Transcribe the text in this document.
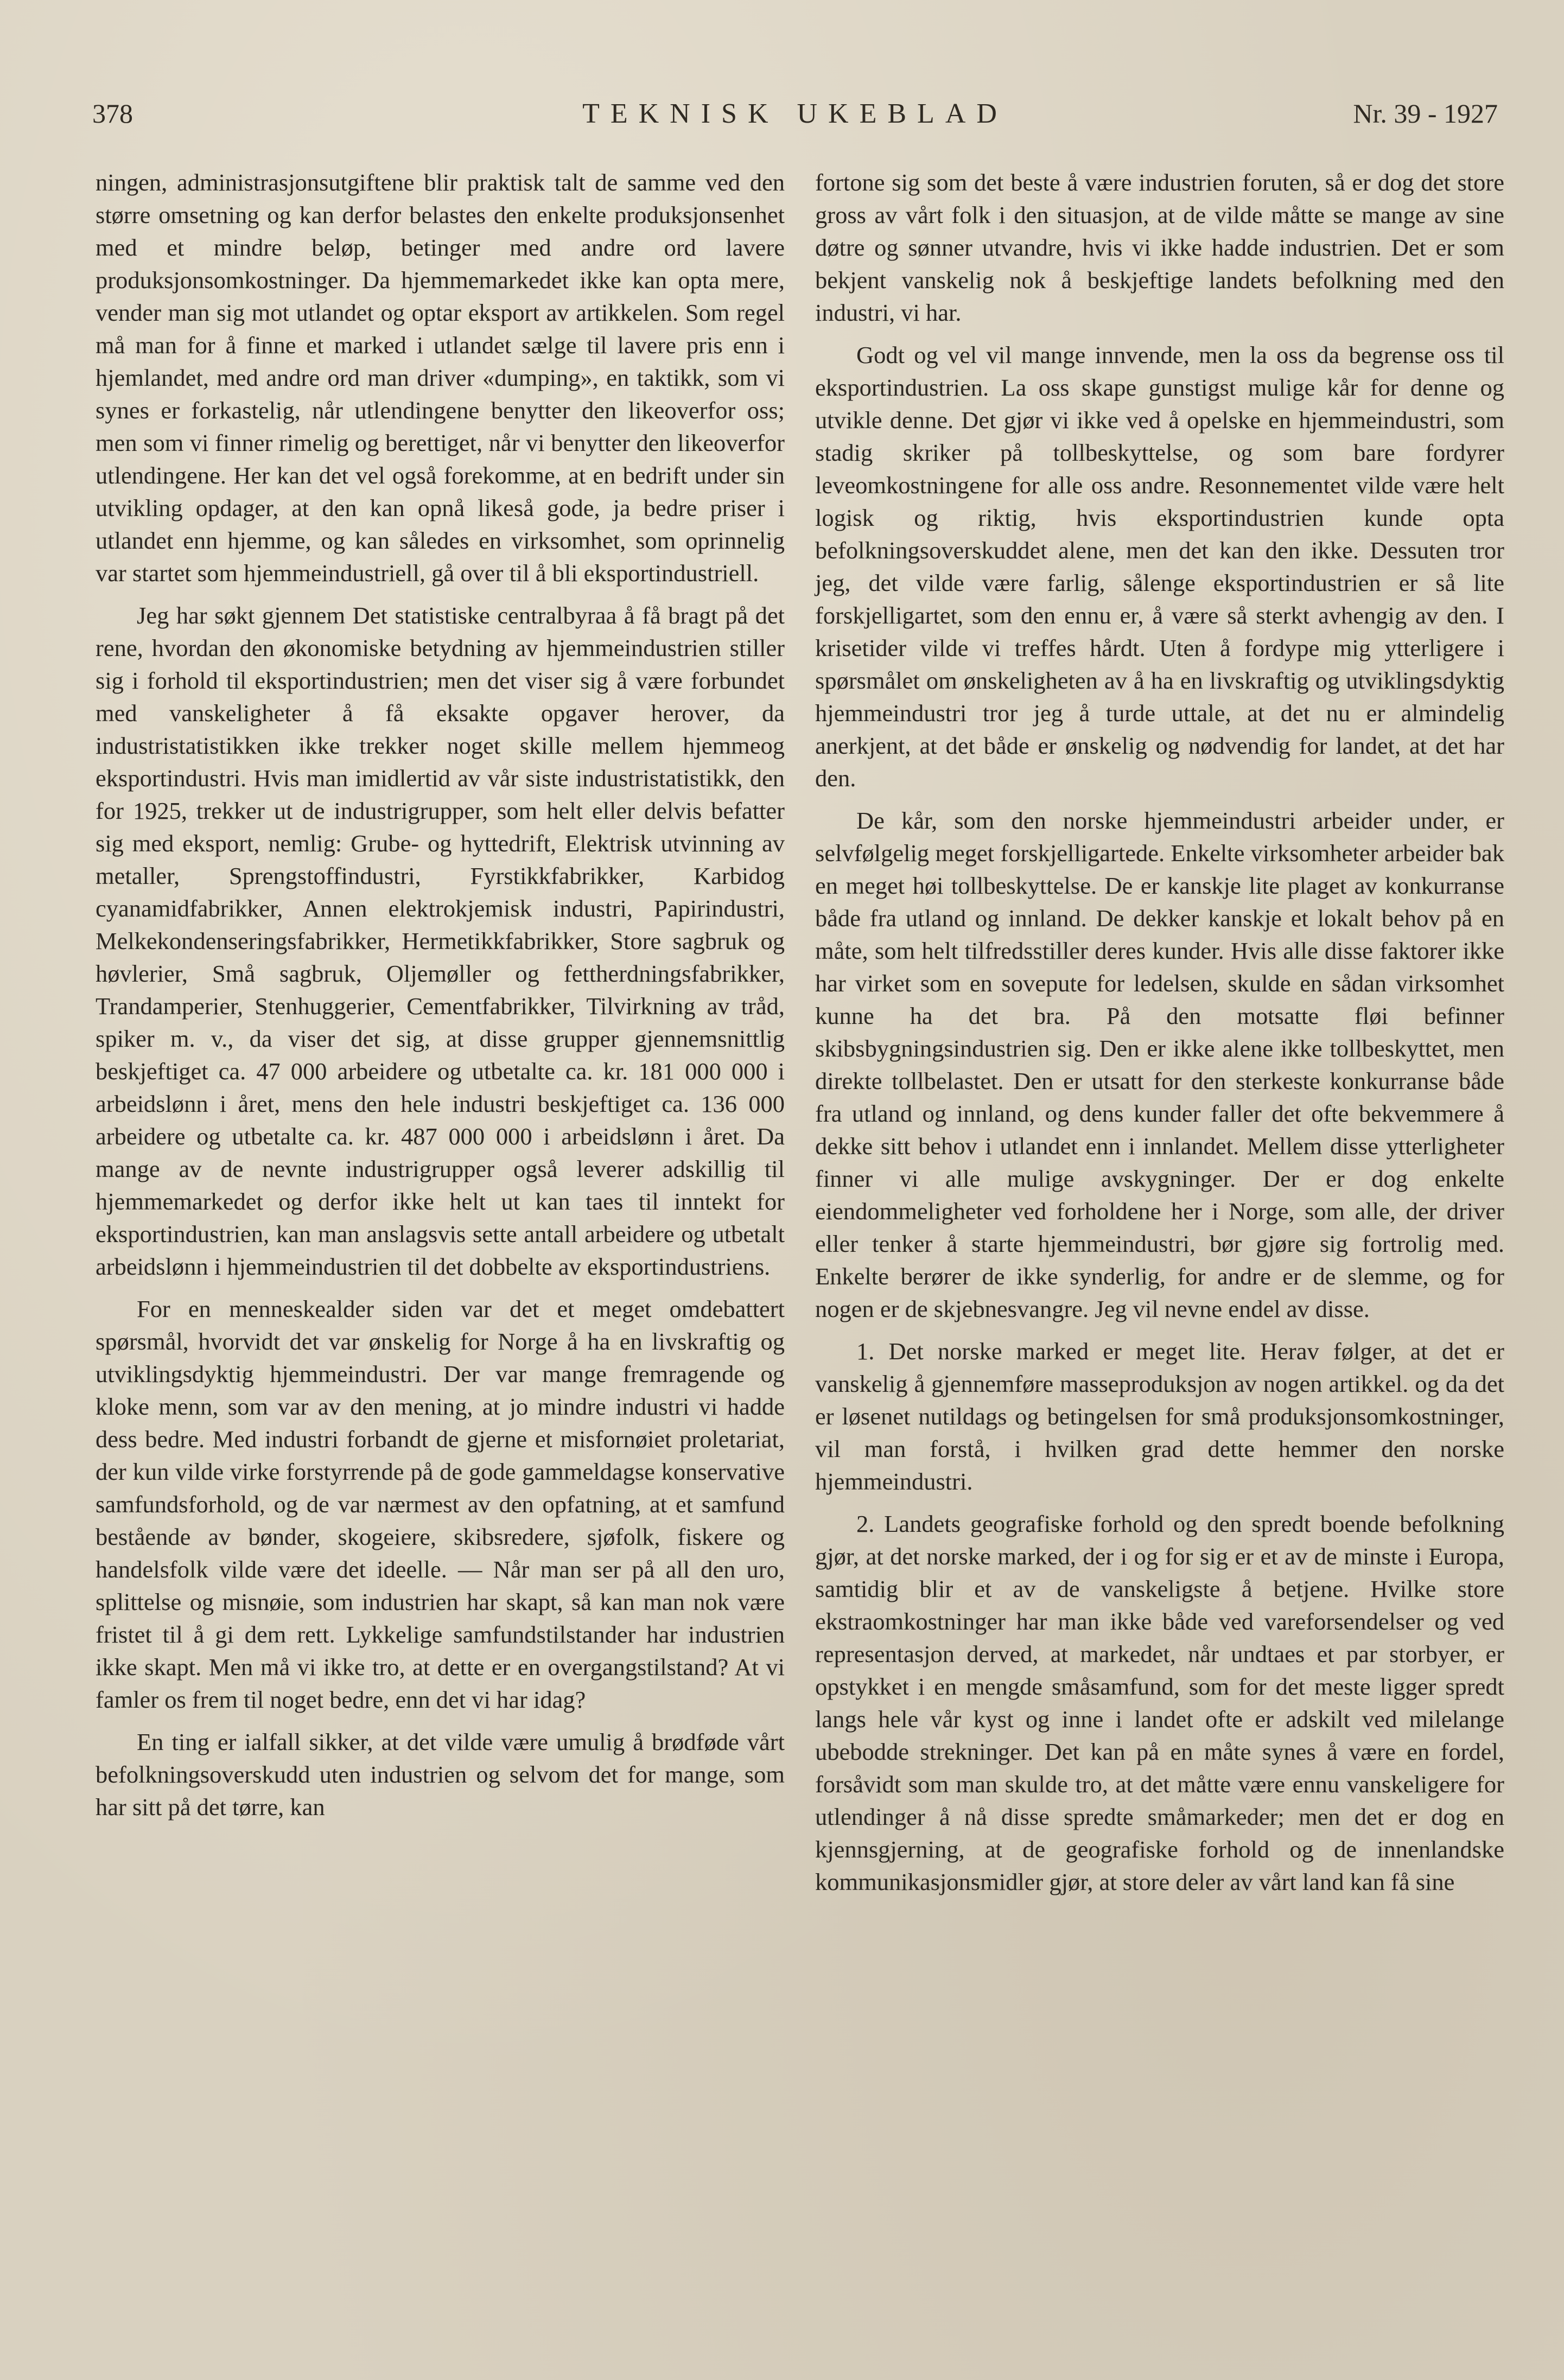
378	TEKNISK UKEBLAD	Nr. 39 - 1927

ningen, administrasjonsutgiftene blir praktisk talt de samme ved den større omsetning og kan derfor belastes den enkelte produksjonsenhet med et mindre beløp, betinger med andre ord lavere produksjonsomkostninger. Da hjemmemarkedet ikke kan opta mere, vender man sig mot utlandet og optar eksport av artikkelen. Som regel må man for å finne et marked i utlandet sælge til lavere pris enn i hjemlandet, med andre ord man driver «dumping», en taktikk, som vi synes er forkastelig, når utlendingene benytter den likeoverfor oss; men som vi finner rimelig og berettiget, når vi benytter den likeoverfor utlendingene. Her kan det vel også forekomme, at en bedrift under sin utvikling opdager, at den kan opnå likeså gode, ja bedre priser i utlandet enn hjemme, og kan således en virksomhet, som oprinnelig var startet som hjemmeindustriell, gå over til å bli eksportindustriell.

Jeg har søkt gjennem Det statistiske centralbyraa å få bragt på det rene, hvordan den økonomiske betydning av hjemmeindustrien stiller sig i forhold til eksportindustrien; men det viser sig å være forbundet med vanskeligheter å få eksakte opgaver herover, da industristatistikken ikke trekker noget skille mellem hjemmeog eksportindustri. Hvis man imidlertid av vår siste industristatistikk, den for 1925, trekker ut de industrigrupper, som helt eller delvis befatter sig med eksport, nemlig: Grube- og hyttedrift, Elektrisk utvinning av metaller, Sprengstoffindustri, Fyrstikkfabrikker, Karbidog cyanamidfabrikker, Annen elektrokjemisk industri, Papirindustri, Melkekondenseringsfabrikker, Hermetikkfabrikker, Store sagbruk og høvlerier, Små sagbruk, Oljemøller og fettherdningsfabrikker, Trandamperier, Stenhuggerier, Cementfabrikker, Tilvirkning av tråd, spiker m. v., da viser det sig, at disse grupper gjennemsnittlig beskjeftiget ca. 47 000 arbeidere og utbetalte ca. kr. 181 000 000 i arbeidslønn i året, mens den hele industri beskjeftiget ca. 136 000 arbeidere og utbetalte ca. kr. 487 000 000 i arbeidslønn i året. Da mange av de nevnte industrigrupper også leverer adskillig til hjemmemarkedet og derfor ikke helt ut kan taes til inntekt for eksportindustrien, kan man anslagsvis sette antall arbeidere og utbetalt arbeidslønn i hjemmeindustrien til det dobbelte av eksportindustriens.

For en menneskealder siden var det et meget omdebattert spørsmål, hvorvidt det var ønskelig for Norge å ha en livskraftig og utviklingsdyktig hjemmeindustri. Der var mange fremragende og kloke menn, som var av den mening, at jo mindre industri vi hadde dess bedre. Med industri forbandt de gjerne et misfornøiet proletariat, der kun vilde virke forstyrrende på de gode gammeldagse konservative samfundsforhold, og de var nærmest av den opfatning, at et samfund bestående av bønder, skogeiere, skibsredere, sjøfolk, fiskere og handelsfolk vilde være det ideelle. — Når man ser på all den uro, splittelse og misnøie, som industrien har skapt, så kan man nok være fristet til å gi dem rett. Lykkelige samfundstilstander har industrien ikke skapt. Men må vi ikke tro, at dette er en overgangstilstand? At vi famler os frem til noget bedre, enn det vi har idag?

En ting er ialfall sikker, at det vilde være umulig å brødføde vårt befolkningsoverskudd uten industrien og selvom det for mange, som har sitt på det tørre, kan

fortone sig som det beste å være industrien foruten, så er dog det store gross av vårt folk i den situasjon, at de vilde måtte se mange av sine døtre og sønner utvandre, hvis vi ikke hadde industrien. Det er som bekjent vanskelig nok å beskjeftige landets befolkning med den industri, vi har.

Godt og vel vil mange innvende, men la oss da begrense oss til eksportindustrien. La oss skape gunstigst mulige kår for denne og utvikle denne. Det gjør vi ikke ved å opelske en hjemmeindustri, som stadig skriker på tollbeskyttelse, og som bare fordyrer leveomkostningene for alle oss andre. Resonnementet vilde være helt logisk og riktig, hvis eksportindustrien kunde opta befolkningsoverskuddet alene, men det kan den ikke. Dessuten tror jeg, det vilde være farlig, sålenge eksportindustrien er så lite forskjelligartet, som den ennu er, å være så sterkt avhengig av den. I krisetider vilde vi treffes hårdt. Uten å fordype mig ytterligere i spørsmålet om ønskeligheten av å ha en livskraftig og utviklingsdyktig hjemmeindustri tror jeg å turde uttale, at det nu er almindelig anerkjent, at det både er ønskelig og nødvendig for landet, at det har den.

De kår, som den norske hjemmeindustri arbeider under, er selvfølgelig meget forskjelligartede. Enkelte virksomheter arbeider bak en meget høi tollbeskyttelse. De er kanskje lite plaget av konkurranse både fra utland og innland. De dekker kanskje et lokalt behov på en måte, som helt tilfredsstiller deres kunder. Hvis alle disse faktorer ikke har virket som en sovepute for ledelsen, skulde en sådan virksomhet kunne ha det bra. På den motsatte fløi befinner skibsbygningsindustrien sig. Den er ikke alene ikke tollbeskyttet, men direkte tollbelastet. Den er utsatt for den sterkeste konkurranse både fra utland og innland, og dens kunder faller det ofte bekvemmere å dekke sitt behov i utlandet enn i innlandet. Mellem disse ytterligheter finner vi alle mulige avskygninger. Der er dog enkelte eiendommeligheter ved forholdene her i Norge, som alle, der driver eller tenker å starte hjemmeindustri, bør gjøre sig fortrolig med. Enkelte berører de ikke synderlig, for andre er de slemme, og for nogen er de skjebnesvangre. Jeg vil nevne endel av disse.

1. Det norske marked er meget lite. Herav følger, at det er vanskelig å gjennemføre masseproduksjon av nogen artikkel. og da det er løsenet nutildags og betingelsen for små produksjonsomkostninger, vil man forstå, i hvilken grad dette hemmer den norske hjemmeindustri.

2. Landets geografiske forhold og den spredt boende befolkning gjør, at det norske marked, der i og for sig er et av de minste i Europa, samtidig blir et av de vanskeligste å betjene. Hvilke store ekstraomkostninger har man ikke både ved vareforsendelser og ved representasjon derved, at markedet, når undtaes et par storbyer, er opstykket i en mengde småsamfund, som for det meste ligger spredt langs hele vår kyst og inne i landet ofte er adskilt ved milelange ubebodde strekninger. Det kan på en måte synes å være en fordel, forsåvidt som man skulde tro, at det måtte være ennu vanskeligere for utlendinger å nå disse spredte småmarkeder; men det er dog en kjennsgjerning, at de geografiske forhold og de innenlandske kommunikasjonsmidler gjør, at store deler av vårt land kan få sine
